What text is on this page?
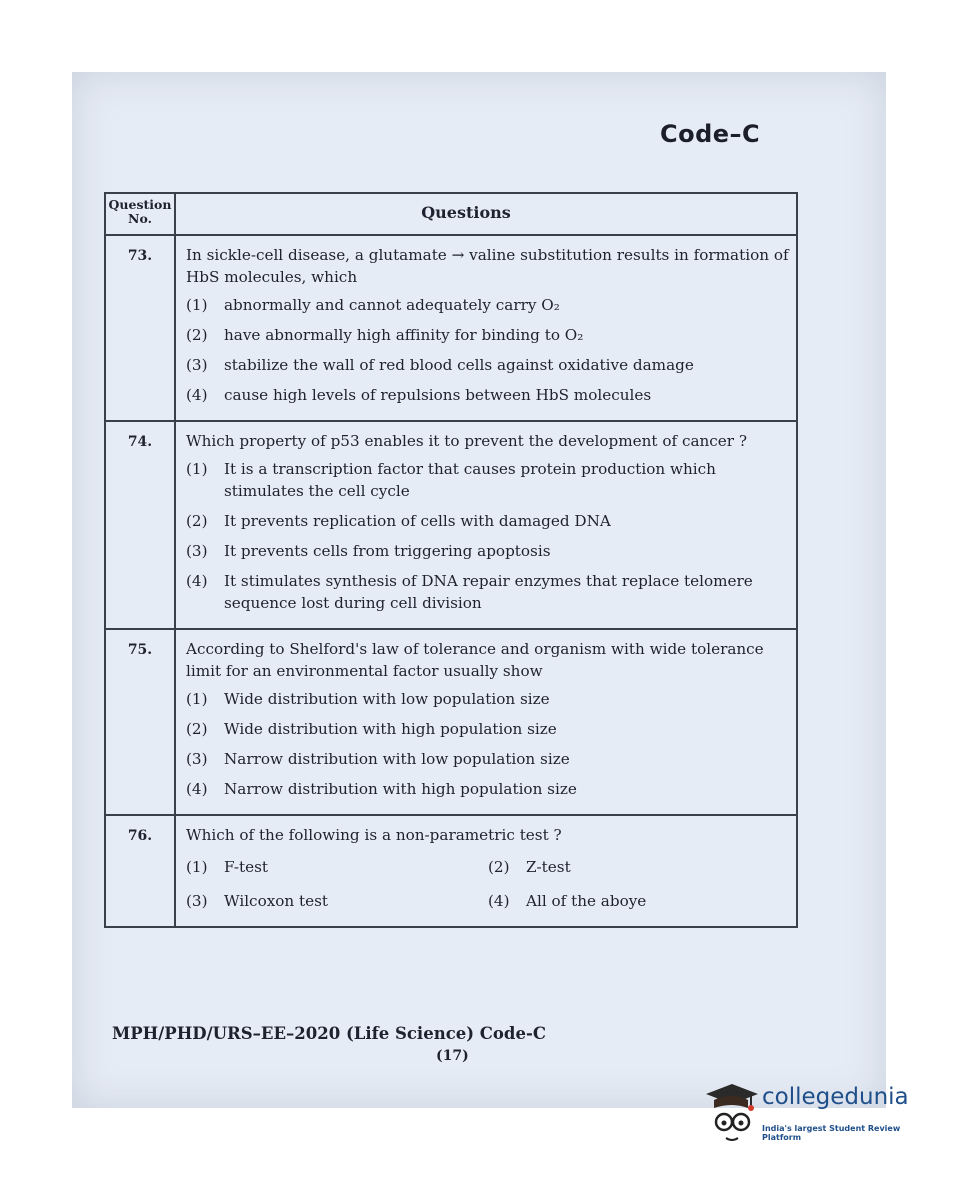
Code–C
Question No.	Questions
73.	In sickle-cell disease, a glutamate → valine substitution results in formation of HbS molecules, which
(1)	abnormally and cannot adequately carry O₂
(2)	have abnormally high affinity for binding to O₂
(3)	stabilize the wall of red blood cells against oxidative damage
(4)	cause high levels of repulsions between HbS molecules
74.	Which property of p53 enables it to prevent the development of cancer ?
(1)	It is a transcription factor that causes protein production which stimulates the cell cycle
(2)	It prevents replication of cells with damaged DNA
(3)	It prevents cells from triggering apoptosis
(4)	It stimulates synthesis of DNA repair enzymes that replace telomere sequence lost during cell division
75.	According to Shelford's law of tolerance and organism with wide tolerance limit for an environmental factor usually show
(1)	Wide distribution with low population size
(2)	Wide distribution with high population size
(3)	Narrow distribution with low population size
(4)	Narrow distribution with high population size
76.	Which of the following is a non-parametric test ?
(1)	F-test	(2)	Z-test
(3)	Wilcoxon test	(4)	All of the aboye
MPH/PHD/URS–EE–2020 (Life Science) Code-C
(17)
collegedunia
India's largest Student Review Platform
